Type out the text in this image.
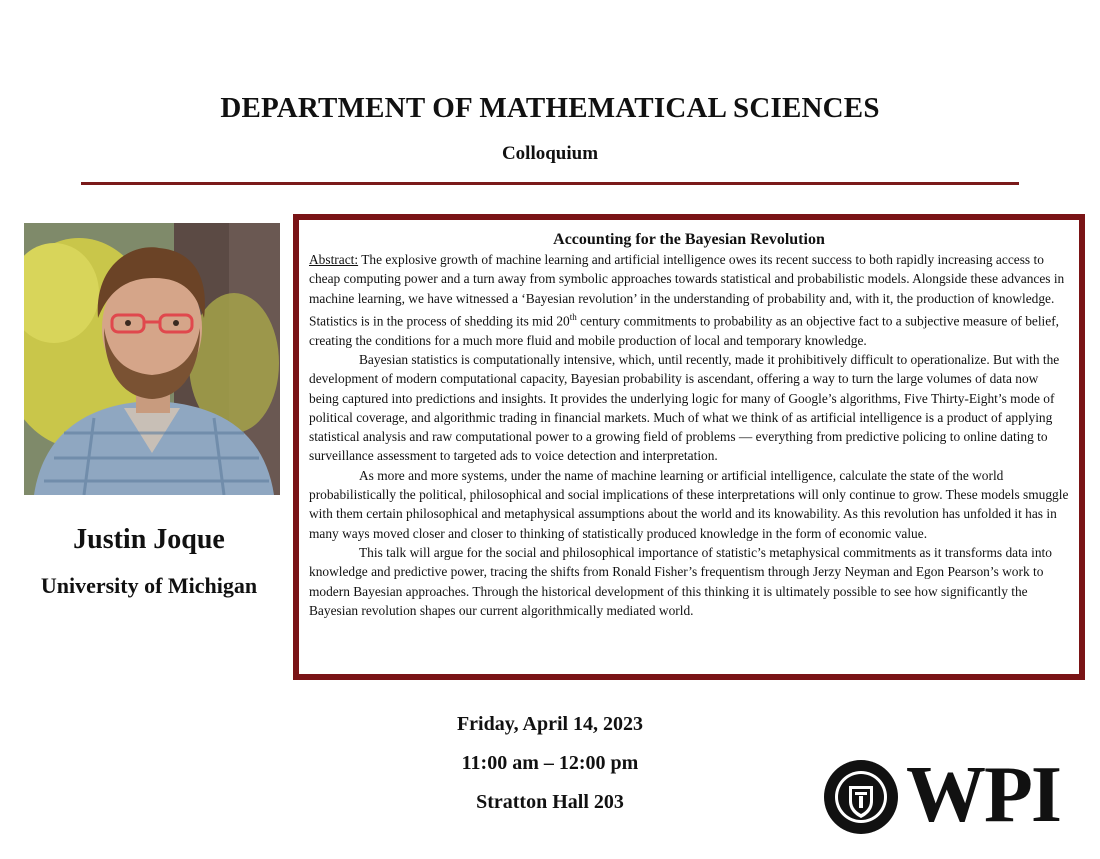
DEPARTMENT OF MATHEMATICAL SCIENCES
Colloquium
Justin Joque
University of Michigan
Accounting for the Bayesian Revolution

Abstract: The explosive growth of machine learning and artificial intelligence owes its recent success to both rapidly increasing access to cheap computing power and a turn away from symbolic approaches towards statistical and probabilistic models. Alongside these advances in machine learning, we have witnessed a ‘Bayesian revolution’ in the understanding of probability and, with it, the production of knowledge. Statistics is in the process of shedding its mid 20th century commitments to probability as an objective fact to a subjective measure of belief, creating the conditions for a much more fluid and mobile production of local and temporary knowledge.

Bayesian statistics is computationally intensive, which, until recently, made it prohibitively difficult to operationalize. But with the development of modern computational capacity, Bayesian probability is ascendant, offering a way to turn the large volumes of data now being captured into predictions and insights. It provides the underlying logic for many of Google’s algorithms, Five Thirty-Eight’s mode of political coverage, and algorithmic trading in financial markets. Much of what we think of as artificial intelligence is a product of applying statistical analysis and raw computational power to a growing field of problems — everything from predictive policing to online dating to surveillance assessment to targeted ads to voice detection and interpretation.

As more and more systems, under the name of machine learning or artificial intelligence, calculate the state of the world probabilistically the political, philosophical and social implications of these interpretations will only continue to grow. These models smuggle with them certain philosophical and metaphysical assumptions about the world and its knowability. As this revolution has unfolded it has in many ways moved closer and closer to thinking of statistically produced knowledge in the form of economic value.

This talk will argue for the social and philosophical importance of statistic’s metaphysical commitments as it transforms data into knowledge and predictive power, tracing the shifts from Ronald Fisher’s frequentism through Jerzy Neyman and Egon Pearson’s work to modern Bayesian approaches. Through the historical development of this thinking it is ultimately possible to see how significantly the Bayesian revolution shapes our current algorithmically mediated world.

Friday, April 14, 2023
11:00 am – 12:00 pm
Stratton Hall 203	WPI
